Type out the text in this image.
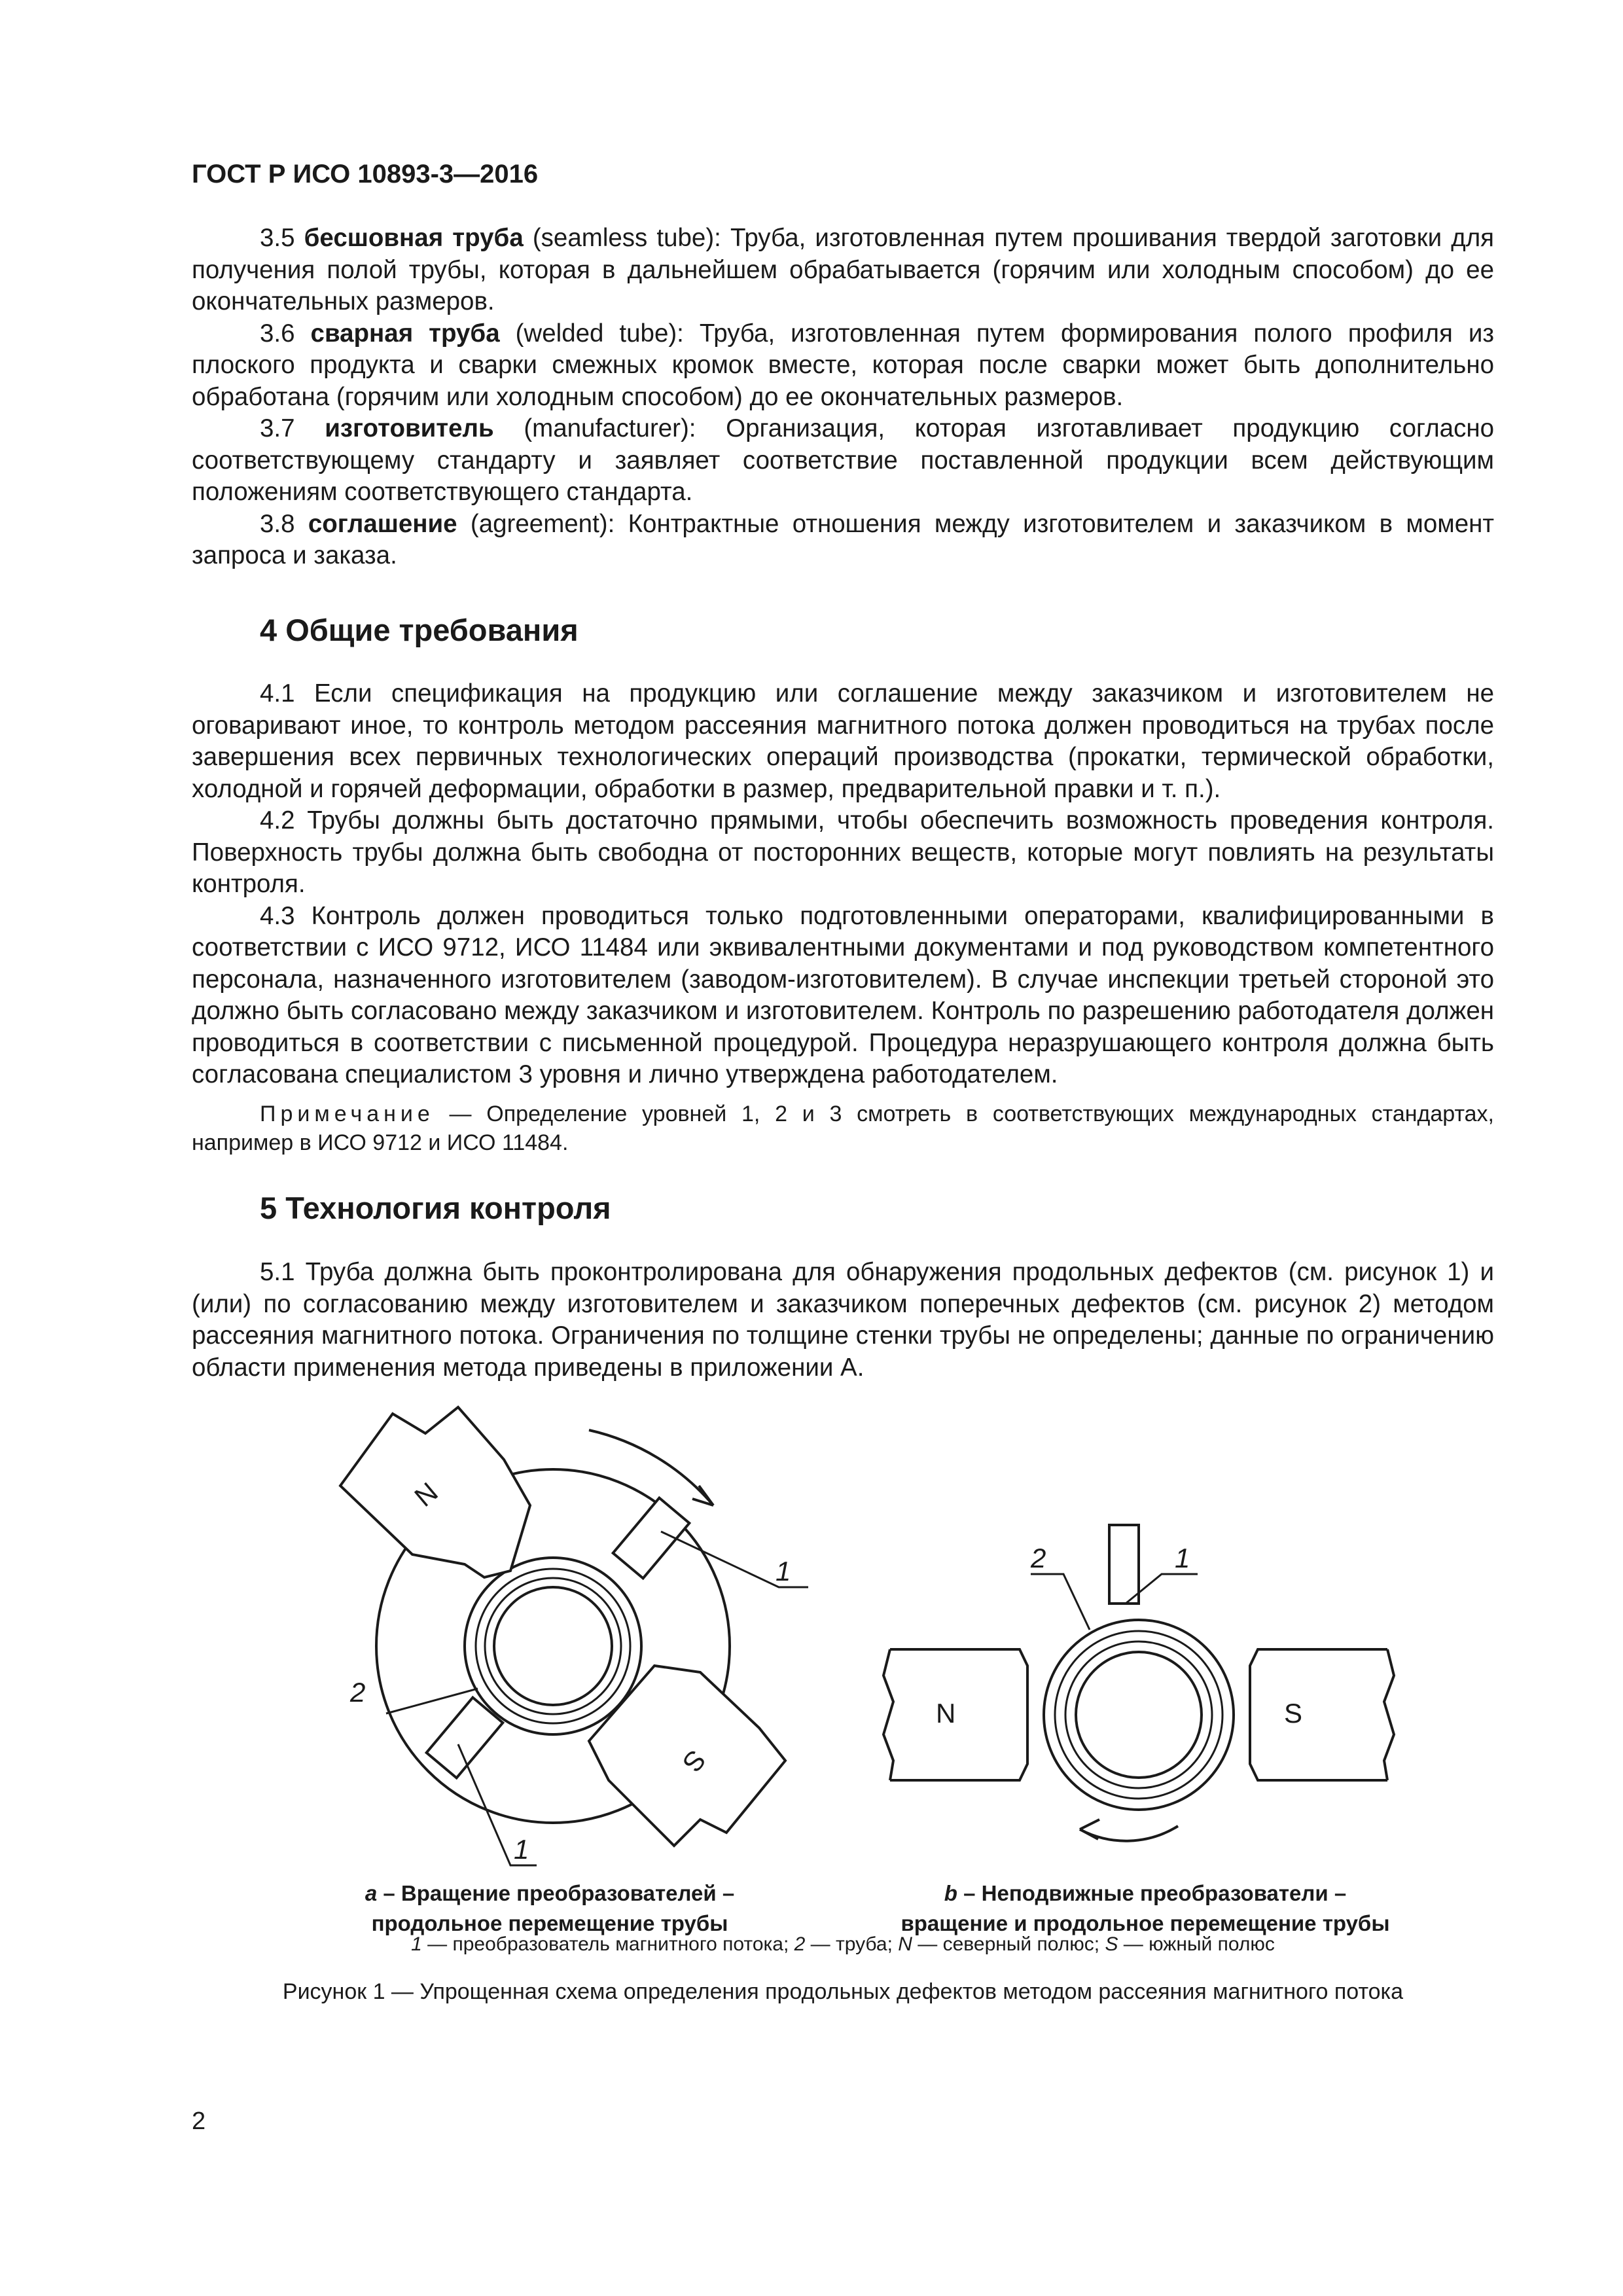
ГОСТ Р ИСО 10893-3—2016

3.5 бесшовная труба (seamless tube): Труба, изготовленная путем прошивания твердой заготовки для получения полой трубы, которая в дальнейшем обрабатывается (горячим или холодным способом) до ее окончательных размеров.

3.6 сварная труба (welded tube): Труба, изготовленная путем формирования полого профиля из плоского продукта и сварки смежных кромок вместе, которая после сварки может быть дополнительно обработана (горячим или холодным способом) до ее окончательных размеров.

3.7 изготовитель (manufacturer): Организация, которая изготавливает продукцию согласно соответствующему стандарту и заявляет соответствие поставленной продукции всем действующим положениям соответствующего стандарта.

3.8 соглашение (agreement): Контрактные отношения между изготовителем и заказчиком в момент запроса и заказа.

4 Общие требования

4.1 Если спецификация на продукцию или соглашение между заказчиком и изготовителем не оговаривают иное, то контроль методом рассеяния магнитного потока должен проводиться на трубах после завершения всех первичных технологических операций производства (прокатки, термической обработки, холодной и горячей деформации, обработки в размер, предварительной правки и т. п.).

4.2 Трубы должны быть достаточно прямыми, чтобы обеспечить возможность проведения контроля. Поверхность трубы должна быть свободна от посторонних веществ, которые могут повлиять на результаты контроля.

4.3 Контроль должен проводиться только подготовленными операторами, квалифицированными в соответствии с ИСО 9712, ИСО 11484 или эквивалентными документами и под руководством компетентного персонала, назначенного изготовителем (заводом-изготовителем). В случае инспекции третьей стороной это должно быть согласовано между заказчиком и изготовителем. Контроль по разрешению работодателя должен проводиться в соответствии с письменной процедурой. Процедура неразрушающего контроля должна быть согласована специалистом 3 уровня и лично утверждена работодателем.

Примечание — Определение уровней 1, 2 и 3 смотреть в соответствующих международных стандартах, например в ИСО 9712 и ИСО 11484.
5 Технология контроля

5.1 Труба должна быть проконтролирована для обнаружения продольных дефектов (см. рисунок 1) и (или) по согласованию между изготовителем и заказчиком поперечных дефектов (см. рисунок 2) методом рассеяния магнитного потока. Ограничения по толщине стенки трубы не определены; данные по ограничению области применения метода приведены в приложении А.

N
S
1
2
1
N	S
2	1
a – Вращение преобразователей –
продольное перемещение трубы
b – Неподвижные преобразователи –
вращение и продольное перемещение трубы
1 — преобразователь магнитного потока; 2 — труба; N — северный полюс; S — южный полюс
Рисунок 1 — Упрощенная схема определения продольных дефектов методом рассеяния магнитного потока
2
